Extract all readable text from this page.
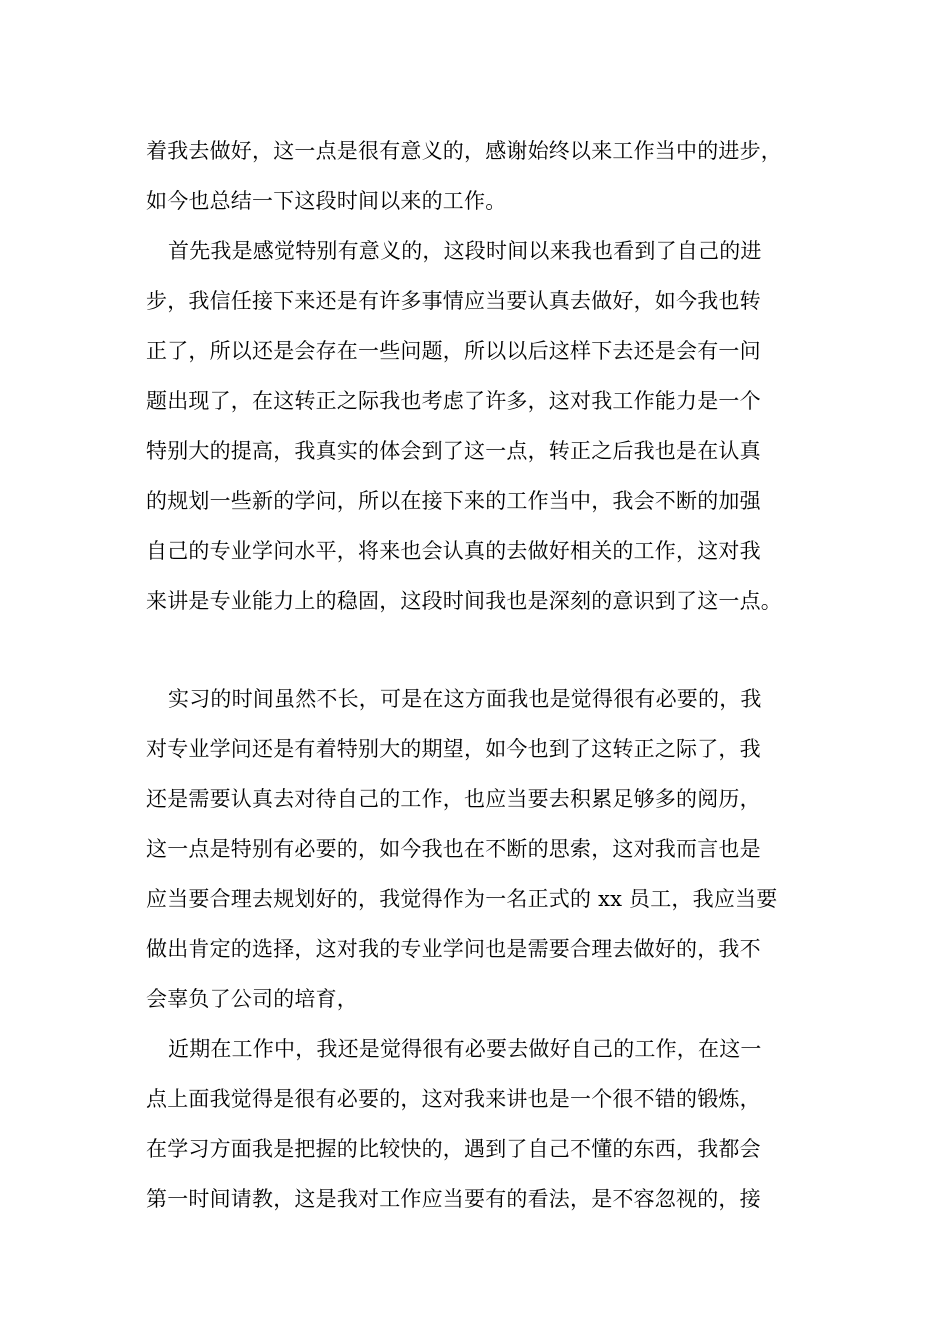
着我去做好，这一点是很有意义的，感谢始终以来工作当中的进步，
如今也总结一下这段时间以来的工作。
首先我是感觉特别有意义的，这段时间以来我也看到了自己的进
步，我信任接下来还是有许多事情应当要认真去做好，如今我也转
正了，所以还是会存在一些问题，所以以后这样下去还是会有一问
题出现了，在这转正之际我也考虑了许多，这对我工作能力是一个
特别大的提高，我真实的体会到了这一点，转正之后我也是在认真
的规划一些新的学问，所以在接下来的工作当中，我会不断的加强
自己的专业学问水平，将来也会认真的去做好相关的工作，这对我
来讲是专业能力上的稳固，这段时间我也是深刻的意识到了这一点。
实习的时间虽然不长，可是在这方面我也是觉得很有必要的，我
对专业学问还是有着特别大的期望，如今也到了这转正之际了，我
还是需要认真去对待自己的工作，也应当要去积累足够多的阅历，
这一点是特别有必要的，如今我也在不断的思索，这对我而言也是
应当要合理去规划好的，我觉得作为一名正式的 xx 员工，我应当要
做出肯定的选择，这对我的专业学问也是需要合理去做好的，我不
会辜负了公司的培育，
近期在工作中，我还是觉得很有必要去做好自己的工作，在这一
点上面我觉得是很有必要的，这对我来讲也是一个很不错的锻炼，
在学习方面我是把握的比较快的，遇到了自己不懂的东西，我都会
第一时间请教，这是我对工作应当要有的看法，是不容忽视的，接
